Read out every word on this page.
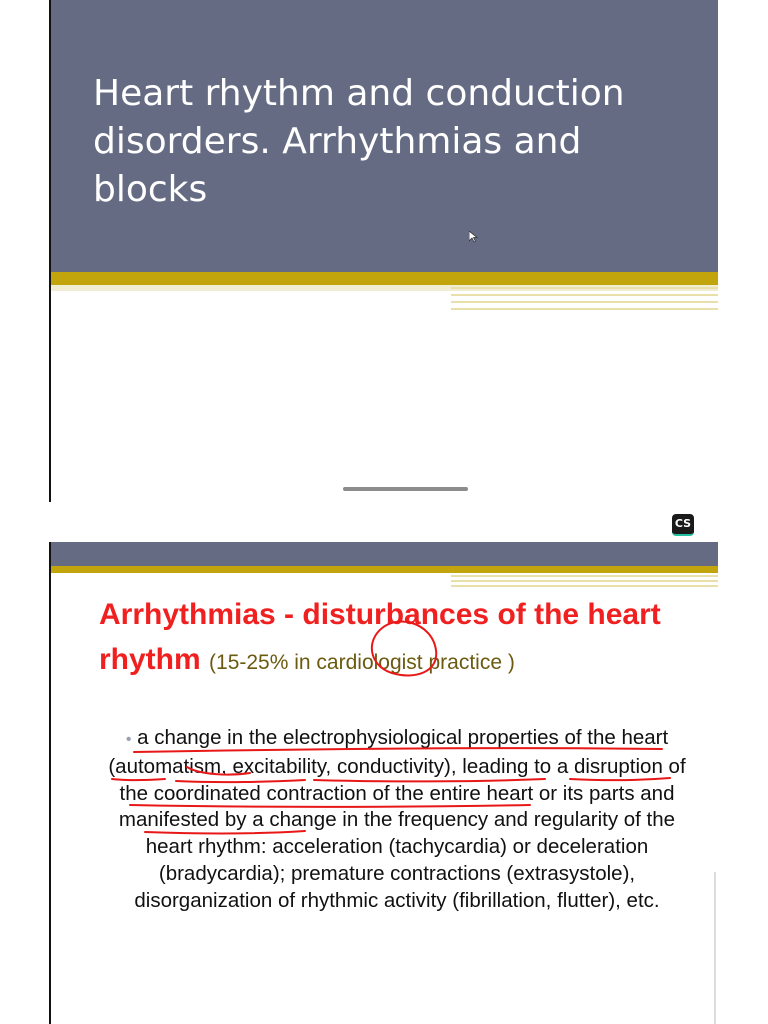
Heart rhythm and conduction disorders. Arrhythmias and blocks
CS
Arrhythmias - disturbances of the heart rhythm (15-25% in cardiologist practice )

• a change in the electrophysiological properties of the heart (automatism, excitability, conductivity), leading to a disruption of the coordinated contraction of the entire heart or its parts and manifested by a change in the frequency and regularity of the heart rhythm: acceleration (tachycardia) or deceleration (bradycardia); premature contractions (extrasystole), disorganization of rhythmic activity (fibrillation, flutter), etc.
